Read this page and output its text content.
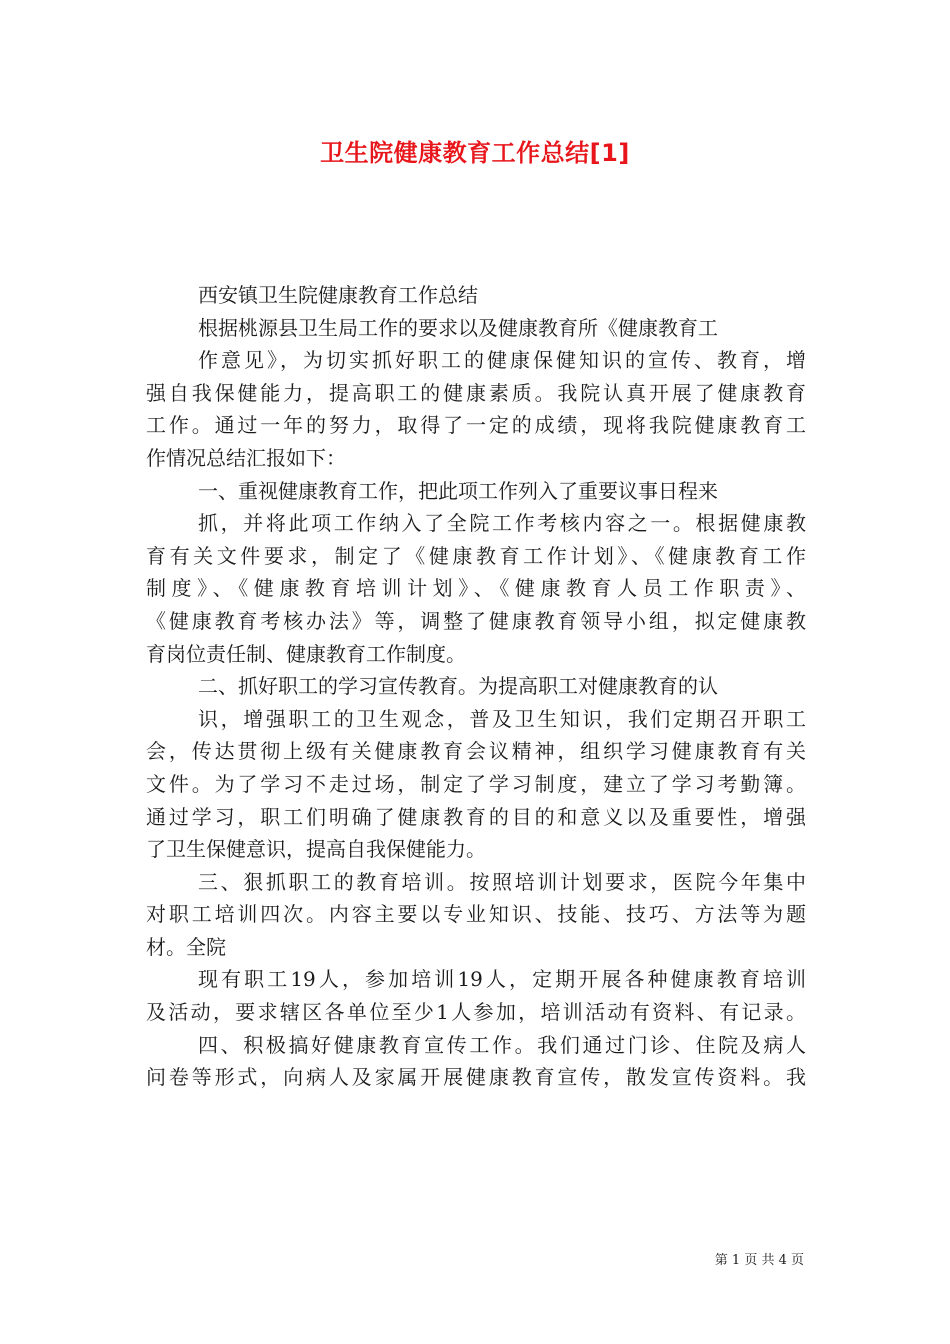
卫生院健康教育工作总结[1]

西安镇卫生院健康教育工作总结

根据桃源县卫生局工作的要求以及健康教育所《健康教育工

作意见》，为切实抓好职工的健康保健知识的宣传、教育，增

强自我保健能力，提高职工的健康素质。我院认真开展了健康教育

工作。通过一年的努力，取得了一定的成绩，现将我院健康教育工

作情况总结汇报如下：

一、重视健康教育工作，把此项工作列入了重要议事日程来

抓，并将此项工作纳入了全院工作考核内容之一。根据健康教

育有关文件要求，制定了《健康教育工作计划》、《健康教育工作

制度》、《健康教育培训计划》、《健康教育人员工作职责》、

《健康教育考核办法》等，调整了健康教育领导小组，拟定健康教

育岗位责任制、健康教育工作制度。

二、抓好职工的学习宣传教育。为提高职工对健康教育的认

识，增强职工的卫生观念，普及卫生知识，我们定期召开职工

会，传达贯彻上级有关健康教育会议精神，组织学习健康教育有关

文件。为了学习不走过场，制定了学习制度，建立了学习考勤簿。

通过学习，职工们明确了健康教育的目的和意义以及重要性，增强

了卫生保健意识，提高自我保健能力。

三、狠抓职工的教育培训。按照培训计划要求，医院今年集中

对职工培训四次。内容主要以专业知识、技能、技巧、方法等为题

材。全院

现有职工19人，参加培训19人，定期开展各种健康教育培训

及活动，要求辖区各单位至少1人参加，培训活动有资料、有记录。

四、积极搞好健康教育宣传工作。我们通过门诊、住院及病人

问卷等形式，向病人及家属开展健康教育宣传，散发宣传资料。我

第 1 页 共 4 页
